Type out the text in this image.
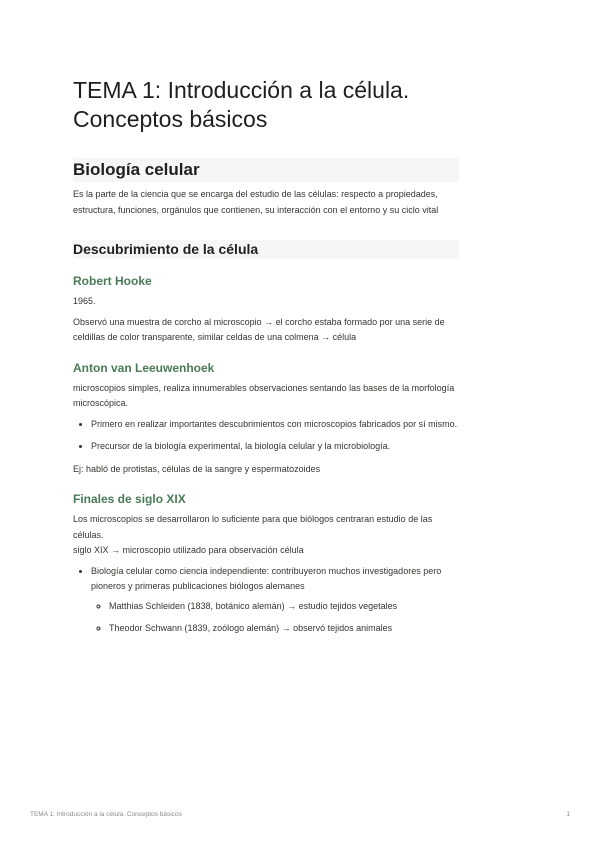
TEMA 1: Introducción a la célula. Conceptos básicos
Biología celular

Es la parte de la ciencia que se encarga del estudio de las células: respecto a propiedades, estructura, funciones, orgánulos que contienen, su interacción con el entorno y su ciclo vital

Descubrimiento de la célula
Robert Hooke

1965.

Observó una muestra de corcho al microscopio → el corcho estaba formado por una serie de celdillas de color transparente, similar celdas de una colmena → célula

Anton van Leeuwenhoek

microscopios simples, realiza innumerables observaciones sentando las bases de la morfología microscópica.

• Primero en realizar importantes descubrimientos con microscopios fabricados por sí mismo.
• Precursor de la biología experimental, la biología celular y la microbiología.

Ej: habló de protistas, células de la sangre y espermatozoides

Finales de siglo XIX

Los microscopios se desarrollaron lo suficiente para que biólogos centraran estudio de las células.

siglo XIX → microscopio utilizado para observación célula

• Biología celular como ciencia independiente: contribuyeron muchos investigadores pero pioneros y primeras publicaciones biólogos alemanes
◦ Matthias Schleiden (1838, botánico alemán) → estudio tejidos vegetales
◦ Theodor Schwann (1839, zoólogo alemán) → observó tejidos animales
TEMA 1: Introducción a la célula. Conceptos básicos	1
